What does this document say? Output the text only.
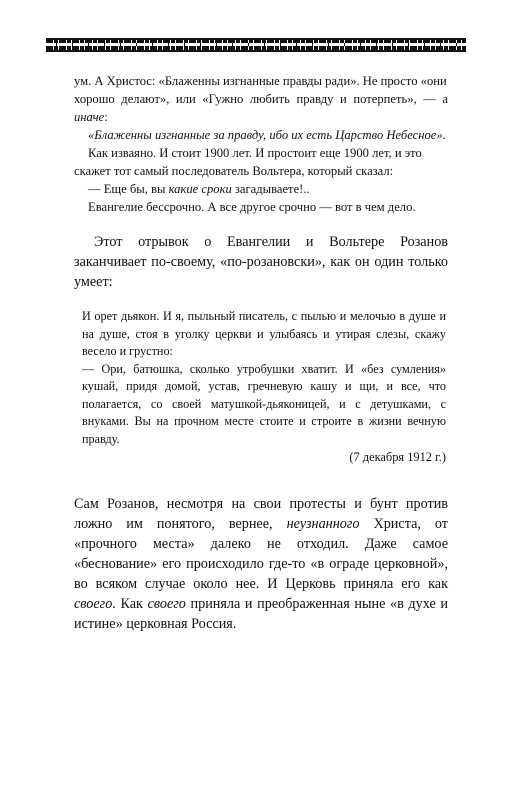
ум. А Христос: «Блаженны изгнанные правды ради». Не просто «они

хорошо делают», или «Гужно любить правду и потерпеть», — а иначе:

«Блаженны изгнанные за правду, ибо их есть Царство Небесное».

Как изваяно. И стоит 1900 лет. И простоит еще 1900 лет, и это

скажет тот самый последователь Вольтера, который сказал:

— Еще бы, вы какие сроки загадываете!..

Евангелие бессрочно. А все другое срочно — вот в чем дело.

Этот отрывок о Евангелии и Вольтере Розанов заканчивает по-своему, «по-розановски», как он один только умеет:

И орет дьякон. И я, пыльный писатель, с пылью и мелочью в душе и на душе, стоя в уголку церкви и улыбаясь и утирая слезы, скажу весело и грустно:

— Ори, батюшка, сколько утробушки хватит. И «без сумления» кушай, придя домой, устав, гречневую кашу и щи, и все, что полагается, со своей матушкой-дьяконицей, и с детушками, с внуками. Вы на прочном месте стоите и строите в жизни вечную правду.

(7 декабря 1912 г.)

Сам Розанов, несмотря на свои протесты и бунт против ложно им понятого, вернее, неузнанного Христа, от «прочного места» далеко не отходил. Даже самое «беснование» его происходило где-то «в ограде церковной», во всяком случае около нее. И Церковь приняла его как своего. Как своего приняла и преображенная ныне «в духе и истине» церковная Россия.
